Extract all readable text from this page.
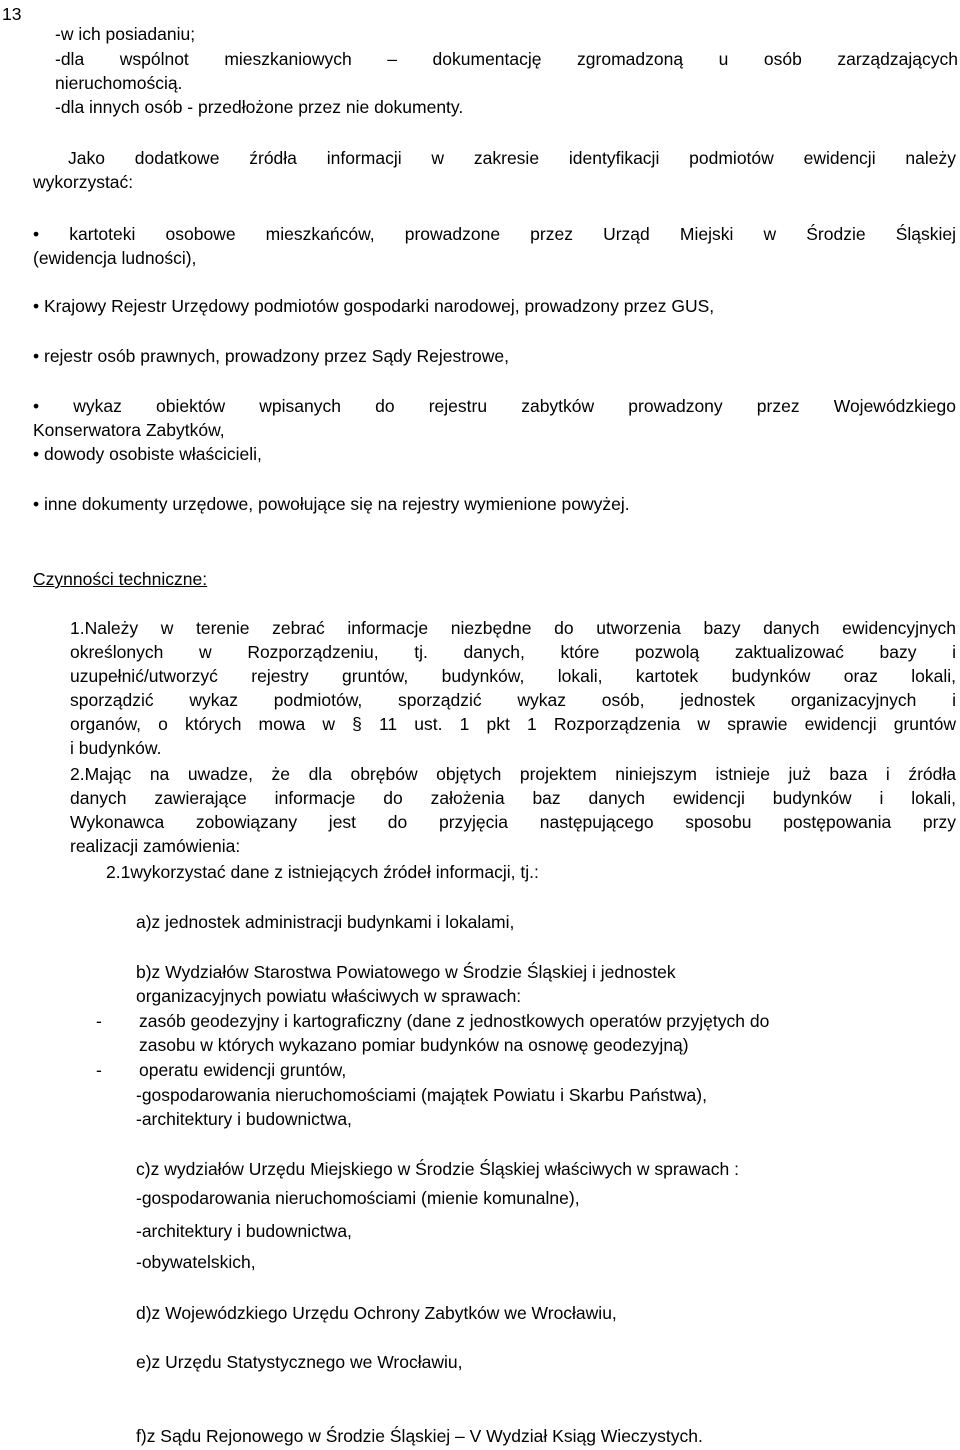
13
-w ich posiadaniu;
-dla wspólnot mieszkaniowych – dokumentację zgromadzoną u osób zarządzających
nieruchomością.
-dla innych osób - przedłożone przez nie dokumenty.
Jako dodatkowe źródła informacji w zakresie identyfikacji podmiotów ewidencji należy
wykorzystać:
• kartoteki osobowe mieszkańców, prowadzone przez Urząd Miejski w Środzie Śląskiej
(ewidencja ludności),
• Krajowy Rejestr Urzędowy podmiotów gospodarki narodowej, prowadzony przez GUS,
• rejestr osób prawnych, prowadzony przez Sądy Rejestrowe,
• wykaz obiektów wpisanych do rejestru zabytków prowadzony przez Wojewódzkiego
Konserwatora Zabytków,
• dowody osobiste właścicieli,
• inne dokumenty urzędowe, powołujące się na rejestry wymienione powyżej.
Czynności techniczne:
1.Należy w terenie zebrać informacje niezbędne do utworzenia bazy danych ewidencyjnych
określonych w Rozporządzeniu, tj. danych, które pozwolą zaktualizować bazy i
uzupełnić/utworzyć rejestry gruntów, budynków, lokali, kartotek budynków oraz lokali,
sporządzić wykaz podmiotów, sporządzić wykaz osób, jednostek organizacyjnych i
organów, o których mowa w § 11 ust. 1 pkt 1 Rozporządzenia w sprawie ewidencji gruntów
i budynków.
2.Mając na uwadze, że dla obrębów objętych projektem niniejszym istnieje już baza i źródła
danych zawierające informacje do założenia baz danych ewidencji budynków i lokali,
Wykonawca zobowiązany jest do przyjęcia następującego sposobu postępowania przy
realizacji zamówienia:
2.1wykorzystać dane z istniejących źródeł informacji, tj.:
a)z jednostek administracji budynkami i lokalami,
b)z Wydziałów Starostwa Powiatowego w Środzie Śląskiej i jednostek
organizacyjnych powiatu właściwych w sprawach:
- zasób geodezyjny i kartograficzny (dane z jednostkowych operatów przyjętych do
zasobu w których wykazano pomiar budynków na osnowę geodezyjną)
- operatu ewidencji gruntów,
-gospodarowania nieruchomościami (majątek Powiatu i Skarbu Państwa),
-architektury i budownictwa,
c)z wydziałów Urzędu Miejskiego w Środzie Śląskiej właściwych w sprawach :
-gospodarowania nieruchomościami (mienie komunalne),
-architektury i budownictwa,
-obywatelskich,
d)z Wojewódzkiego Urzędu Ochrony Zabytków we Wrocławiu,
e)z Urzędu Statystycznego we Wrocławiu,
f)z Sądu Rejonowego w Środzie Śląskiej – V Wydział Ksiąg Wieczystych.
